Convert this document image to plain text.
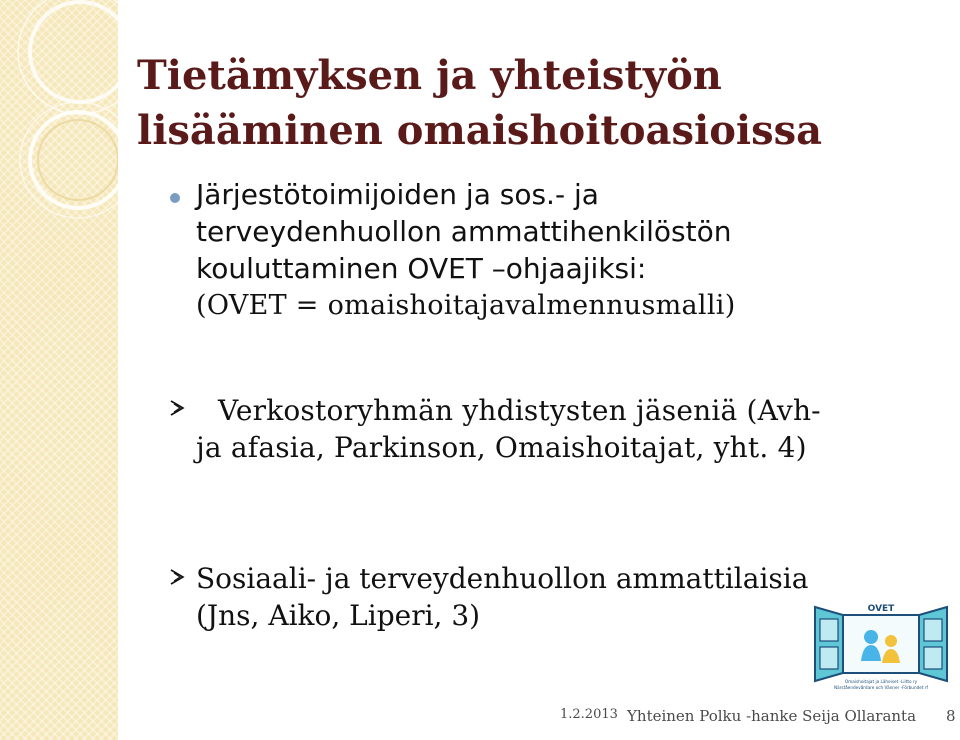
Tietämyksen ja yhteistyön
lisääminen omaishoitoasioissa

Järjestötoimijoiden ja sos.- ja
terveydenhuollon ammattihenkilöstön
kouluttaminen OVET –ohjaajiksi:
(OVET = omaishoitajavalmennusmalli)

Verkostoryhmän yhdistysten jäseniä (Avh-
ja afasia, Parkinson, Omaishoitajat, yht. 4)

Sosiaali- ja terveydenhuollon ammattilaisia
(Jns, Aiko, Liperi, 3)	OVET
Omaishoitajat ja Läheiset -Liitto ry
Närståendevårdare och Vänner -Förbundet rf
1.2.2013 Yhteinen Polku -hanke Seija Ollaranta 8
